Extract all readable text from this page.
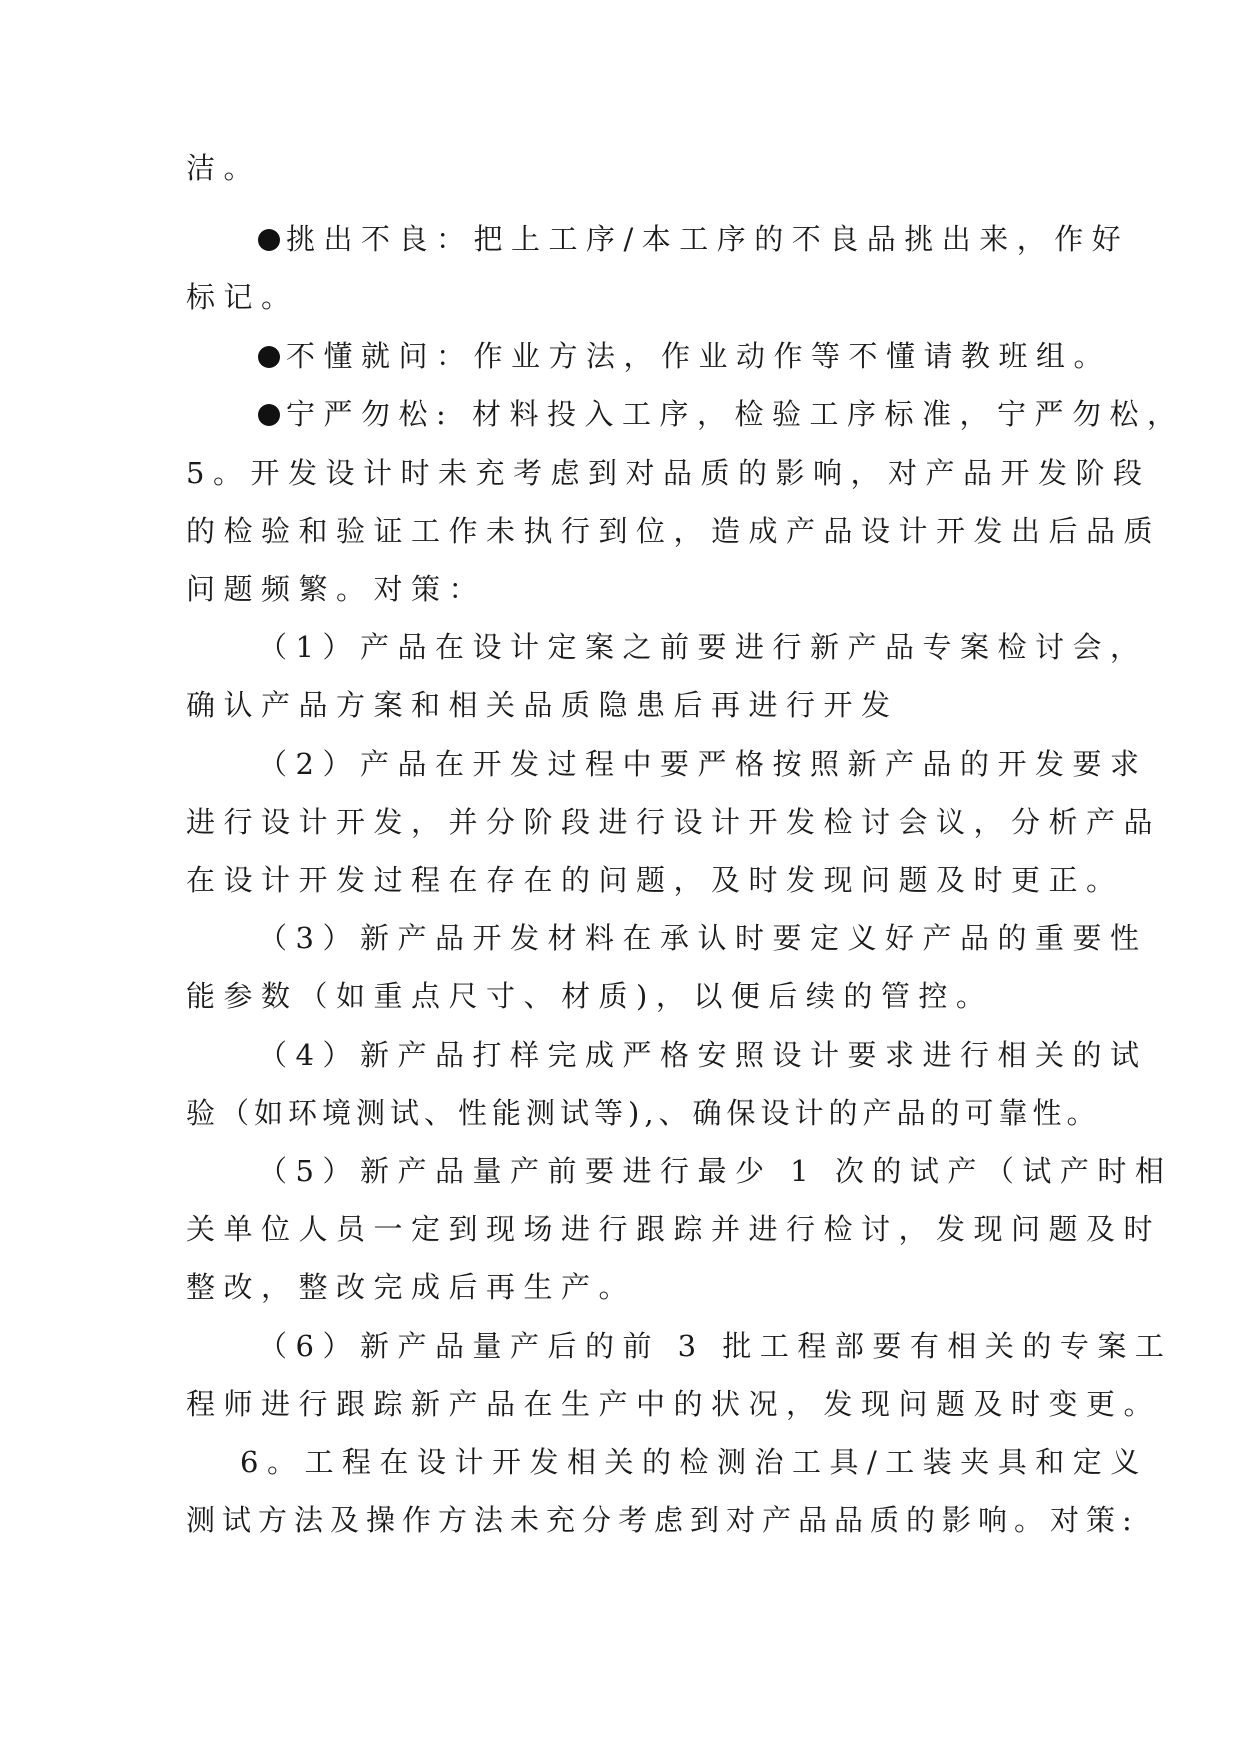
洁。
挑出不良：把上工序/本工序的不良品挑出来，作好
标记。
不懂就问：作业方法，作业动作等不懂请教班组。
宁严勿松: 材料投入工序，检验工序标准，宁严勿松，
5。开发设计时未充考虑到对品质的影响，对产品开发阶段
的检验和验证工作未执行到位，造成产品设计开发出后品质
问题频繁。对策：
（1）产品在设计定案之前要进行新产品专案检讨会，
确认产品方案和相关品质隐患后再进行开发
（2）产品在开发过程中要严格按照新产品的开发要求
进行设计开发，并分阶段进行设计开发检讨会议，分析产品
在设计开发过程在存在的问题，及时发现问题及时更正。
（3）新产品开发材料在承认时要定义好产品的重要性
能参数（如重点尺寸、材质)，以便后续的管控。
（4）新产品打样完成严格安照设计要求进行相关的试
验（如环境测试、性能测试等),、确保设计的产品的可靠性。
（5）新产品量产前要进行最少 1 次的试产（试产时相
关单位人员一定到现场进行跟踪并进行检讨，发现问题及时
整改，整改完成后再生产。
（6）新产品量产后的前 3 批工程部要有相关的专案工
程师进行跟踪新产品在生产中的状况，发现问题及时变更。
6。工程在设计开发相关的检测治工具/工装夹具和定义
测试方法及操作方法未充分考虑到对产品品质的影响。对策:
